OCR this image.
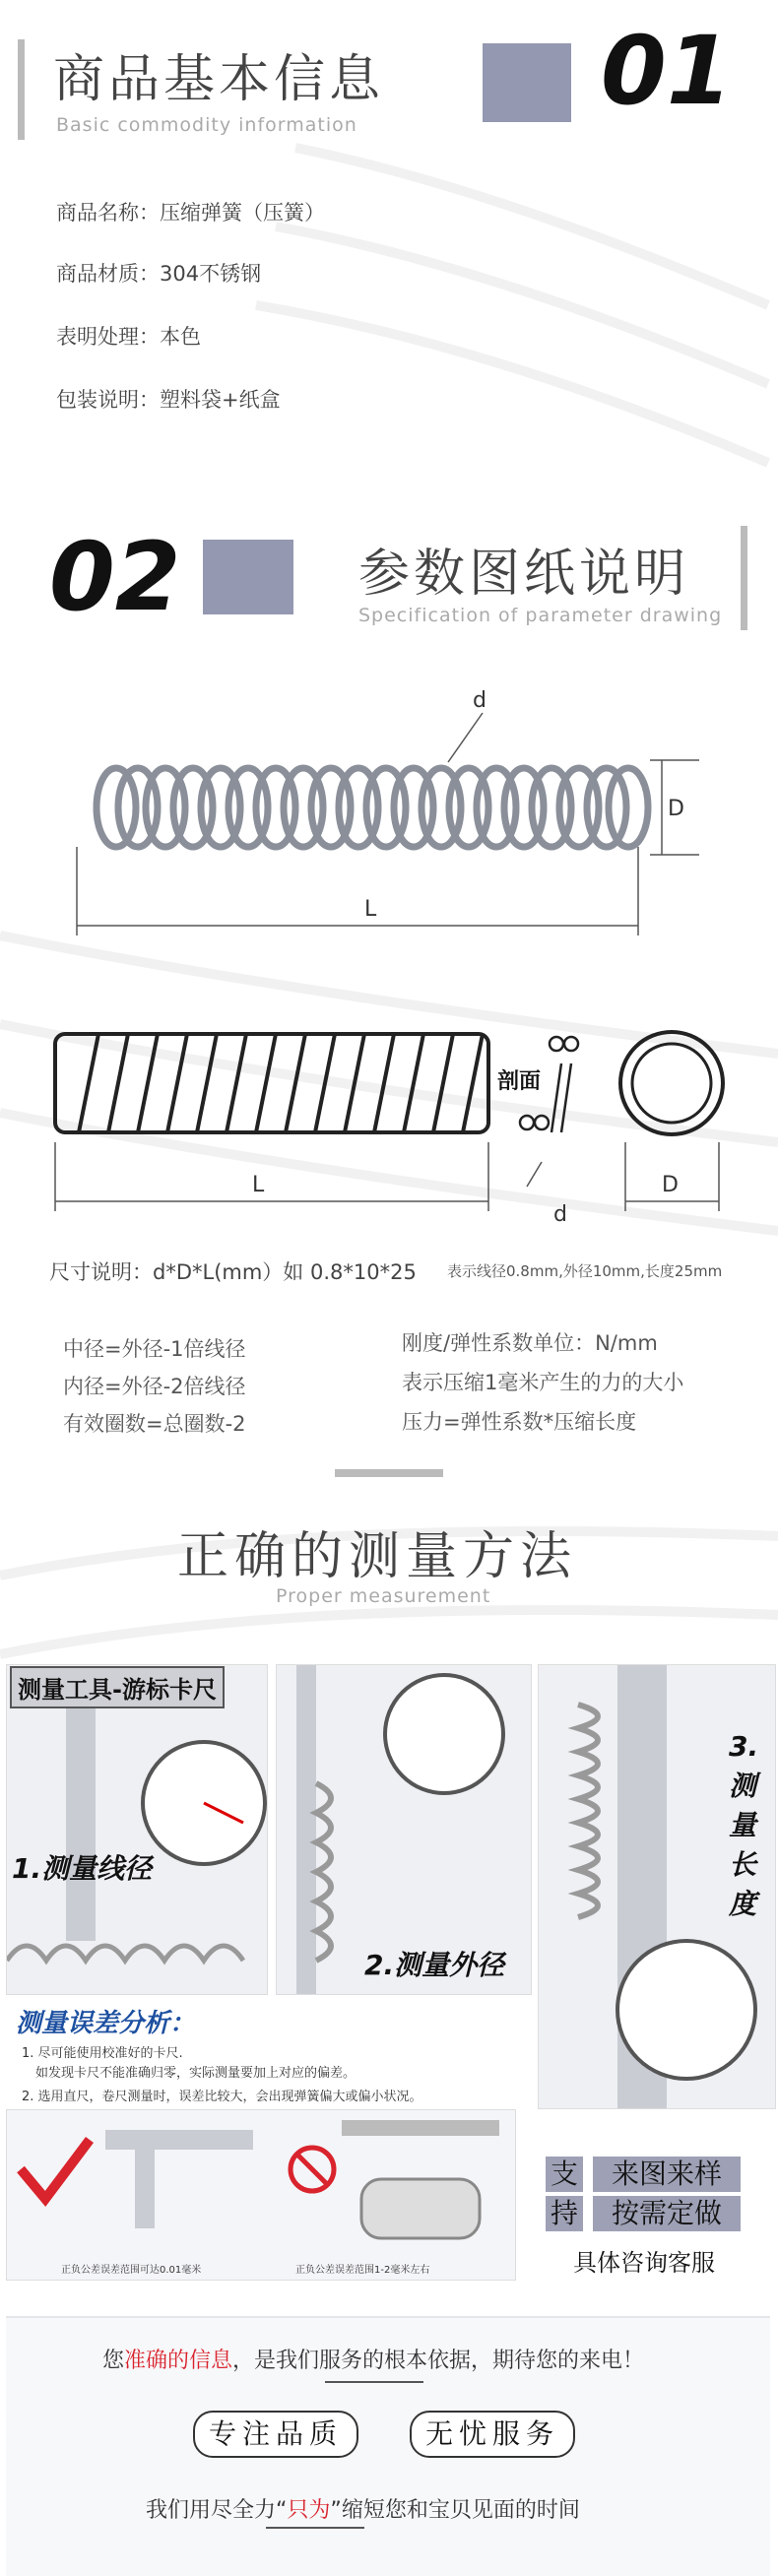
商品基本信息
Basic commodity information	01
商品名称：压缩弹簧（压簧）
商品材质：304不锈钢
表明处理：本色
包装说明：塑料袋+纸盒
02	参数图纸说明
Specification of parameter drawing
d
D
L
剖面
L
d
D
尺寸说明：d*D*L(mm）如 0.8*10*25 表示线径0.8mm,外径10mm,长度25mm
中径=外径-1倍线径
内径=外径-2倍线径
有效圈数=总圈数-2
刚度/弹性系数单位：N/mm
表示压缩1毫米产生的力的大小
压力=弹性系数*压缩长度
正确的测量方法
Proper measurement
测量工具-游标卡尺
1.测量线径
2.测量外径
3.测量长度
测量误差分析：
1. 尽可能使用校准好的卡尺.
如发现卡尺不能准确归零，实际测量要加上对应的偏差。
2. 选用直尺，卷尺测量时，误差比较大，会出现弹簧偏大或偏小状况。
正负公差误差范围可达0.01毫米	正负公差误差范围1-2毫米左右
支
持
来图来样
按需定做
具体咨询客服
您准确的信息，是我们服务的根本依据，期待您的来电！
专注品质	无忧服务
我们用尽全力“只为”缩短您和宝贝见面的时间
